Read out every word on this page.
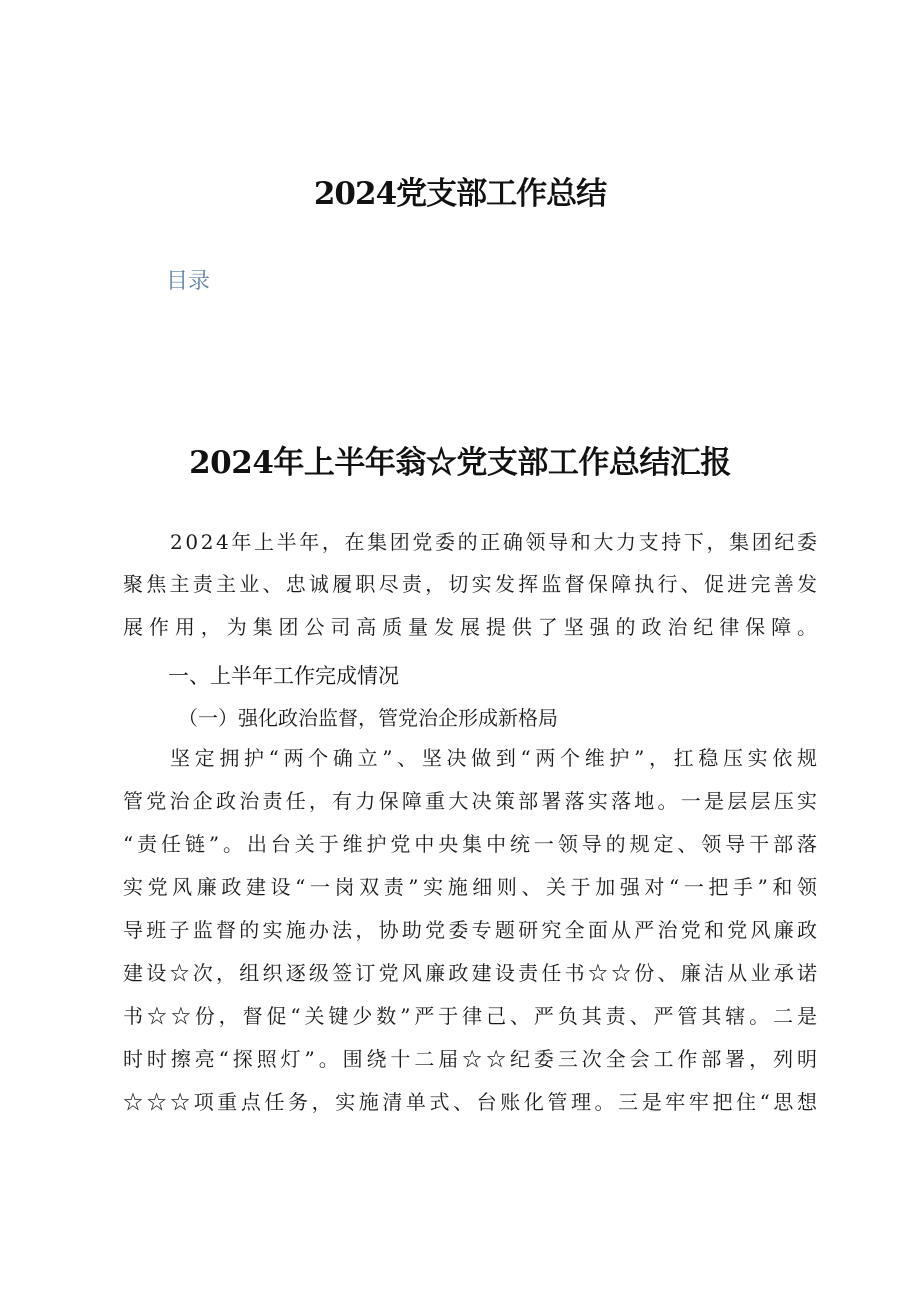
2024党支部工作总结
目录
2024年上半年翁☆党支部工作总结汇报
2024年上半年，在集团党委的正确领导和大力支持下，集团纪委
聚焦主责主业、忠诚履职尽责，切实发挥监督保障执行、促进完善发
展作用，为集团公司高质量发展提供了坚强的政治纪律保障。
一、上半年工作完成情况
（一）强化政治监督，管党治企形成新格局
坚定拥护“两个确立”、坚决做到“两个维护”，扛稳压实依规
管党治企政治责任，有力保障重大决策部署落实落地。一是层层压实
“责任链”。出台关于维护党中央集中统一领导的规定、领导干部落
实党风廉政建设“一岗双责”实施细则、关于加强对“一把手”和领
导班子监督的实施办法，协助党委专题研究全面从严治党和党风廉政
建设☆次，组织逐级签订党风廉政建设责任书☆☆份、廉洁从业承诺
书☆☆份，督促“关键少数”严于律己、严负其责、严管其辖。二是
时时擦亮“探照灯”。围绕十二届☆☆纪委三次全会工作部署，列明
☆☆☆项重点任务，实施清单式、台账化管理。三是牢牢把住“思想
